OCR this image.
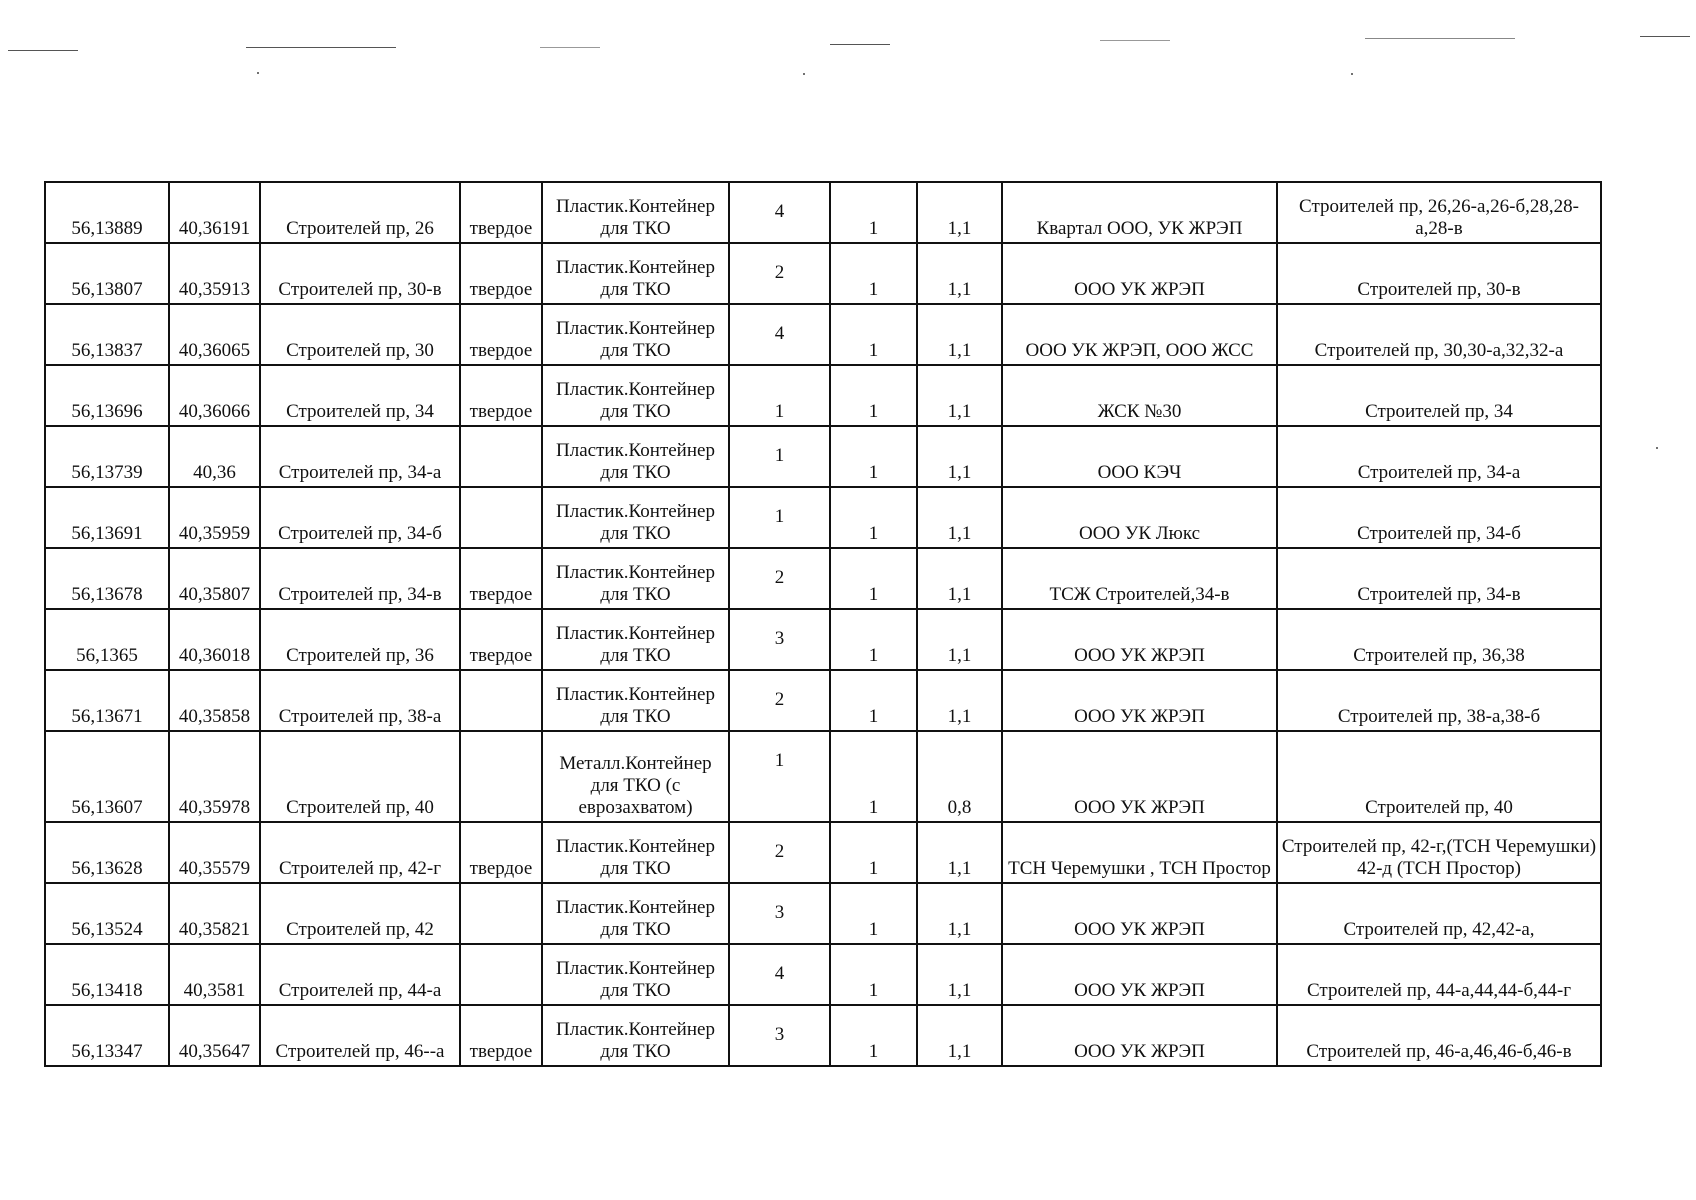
56,13889	40,36191	Строителей пр, 26	твердое	Пластик.Контейнер для ТКО	4	1	1,1	Квартал ООО, УК ЖРЭП	Строителей пр, 26,26-а,26-б,28,28-а,28-в
56,13807	40,35913	Строителей пр, 30-в	твердое	Пластик.Контейнер для ТКО	2	1	1,1	ООО УК ЖРЭП	Строителей пр, 30-в
56,13837	40,36065	Строителей пр, 30	твердое	Пластик.Контейнер для ТКО	4	1	1,1	ООО УК ЖРЭП, ООО ЖСС	Строителей пр, 30,30-а,32,32-а
56,13696	40,36066	Строителей пр, 34	твердое	Пластик.Контейнер для ТКО	1	1	1,1	ЖСК №30	Строителей пр, 34
56,13739	40,36	Строителей пр, 34-а		Пластик.Контейнер для ТКО	1	1	1,1	ООО КЭЧ	Строителей пр, 34-а
56,13691	40,35959	Строителей пр, 34-б		Пластик.Контейнер для ТКО	1	1	1,1	ООО УК Люкс	Строителей пр, 34-б
56,13678	40,35807	Строителей пр, 34-в	твердое	Пластик.Контейнер для ТКО	2	1	1,1	ТСЖ Строителей,34-в	Строителей пр, 34-в
56,1365	40,36018	Строителей пр, 36	твердое	Пластик.Контейнер для ТКО	3	1	1,1	ООО УК ЖРЭП	Строителей пр, 36,38
56,13671	40,35858	Строителей пр, 38-а		Пластик.Контейнер для ТКО	2	1	1,1	ООО УК ЖРЭП	Строителей пр, 38-а,38-б
56,13607	40,35978	Строителей пр, 40		Металл.Контейнер для ТКО (с еврозахватом)	1	1	0,8	ООО УК ЖРЭП	Строителей пр, 40
56,13628	40,35579	Строителей пр, 42-г	твердое	Пластик.Контейнер для ТКО	2	1	1,1	ТСН Черемушки , ТСН Простор	Строителей пр, 42-г,(ТСН Черемушки) 42-д (ТСН Простор)
56,13524	40,35821	Строителей пр, 42		Пластик.Контейнер для ТКО	3	1	1,1	ООО УК ЖРЭП	Строителей пр, 42,42-а,
56,13418	40,3581	Строителей пр, 44-а		Пластик.Контейнер для ТКО	4	1	1,1	ООО УК ЖРЭП	Строителей пр, 44-а,44,44-б,44-г
56,13347	40,35647	Строителей пр, 46--а	твердое	Пластик.Контейнер для ТКО	3	1	1,1	ООО УК ЖРЭП	Строителей пр, 46-а,46,46-б,46-в
